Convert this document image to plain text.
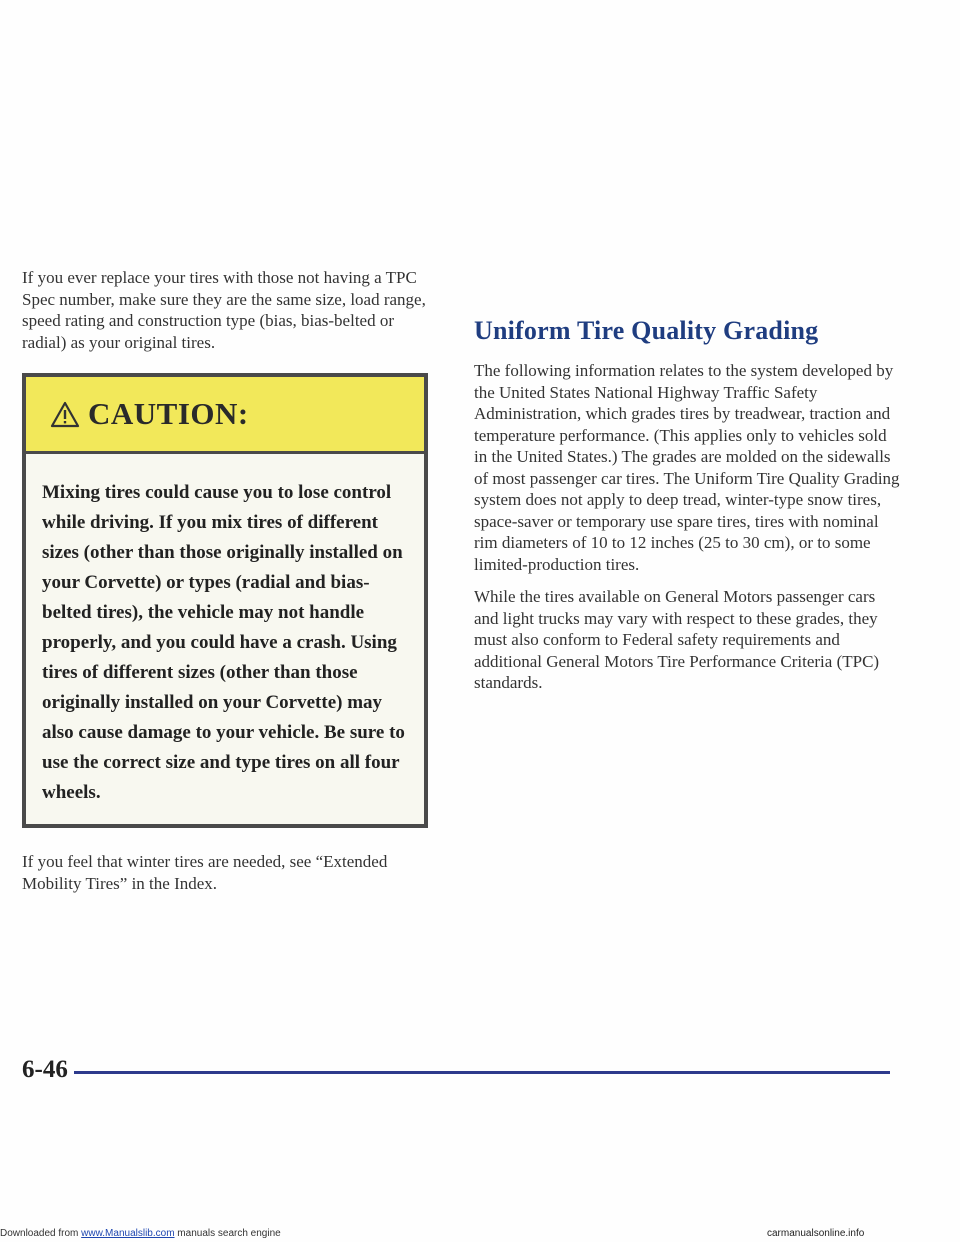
If you ever replace your tires with those not having a TPC Spec number, make sure they are the same size, load range, speed rating and construction type (bias, bias-belted or radial) as your original tires.

CAUTION:

Mixing tires could cause you to lose control while driving. If you mix tires of different sizes (other than those originally installed on your Corvette) or types (radial and bias-belted tires), the vehicle may not handle properly, and you could have a crash. Using tires of different sizes (other than those originally installed on your Corvette) may also cause damage to your vehicle. Be sure to use the correct size and type tires on all four wheels.

If you feel that winter tires are needed, see “Extended Mobility Tires” in the Index.

Uniform Tire Quality Grading

The following information relates to the system developed by the United States National Highway Traffic Safety Administration, which grades tires by treadwear, traction and temperature performance. (This applies only to vehicles sold in the United States.) The grades are molded on the sidewalls of most passenger car tires. The Uniform Tire Quality Grading system does not apply to deep tread, winter-type snow tires, space-saver or temporary use spare tires, tires with nominal rim diameters of 10 to 12 inches (25 to 30 cm), or to some limited-production tires.

While the tires available on General Motors passenger cars and light trucks may vary with respect to these grades, they must also conform to Federal safety requirements and additional General Motors Tire Performance Criteria (TPC) standards.

6-46
Downloaded from www.Manualslib.com manuals search engine	carmanualsonline.info
